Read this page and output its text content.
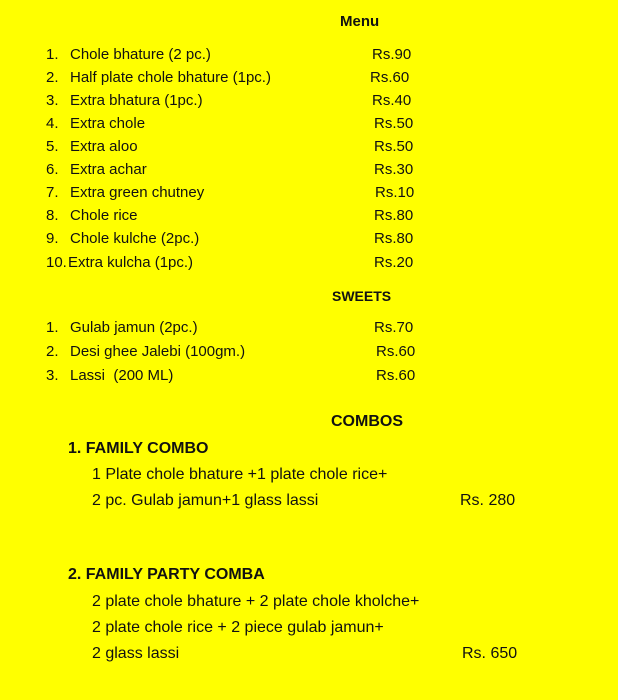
Menu
1. Chole bhature (2 pc.)	Rs.90
2. Half plate chole bhature (1pc.)	Rs.60
3. Extra bhatura (1pc.)	Rs.40
4. Extra chole	Rs.50
5. Extra aloo	Rs.50
6. Extra achar	Rs.30
7. Extra green chutney	Rs.10
8. Chole rice	Rs.80
9. Chole kulche (2pc.)	Rs.80
10. Extra kulcha (1pc.)	Rs.20
SWEETS
1. Gulab jamun (2pc.)	Rs.70
2. Desi ghee Jalebi (100gm.)	Rs.60
3. Lassi  (200 ML)	Rs.60
COMBOS
1. FAMILY COMBO
1 Plate chole bhature +1 plate chole rice+
2 pc. Gulab jamun+1 glass lassi	Rs. 280
2. FAMILY PARTY COMBA
2 plate chole bhature + 2 plate chole kholche+
2 plate chole rice + 2 piece gulab jamun+
2 glass lassi	Rs. 650
